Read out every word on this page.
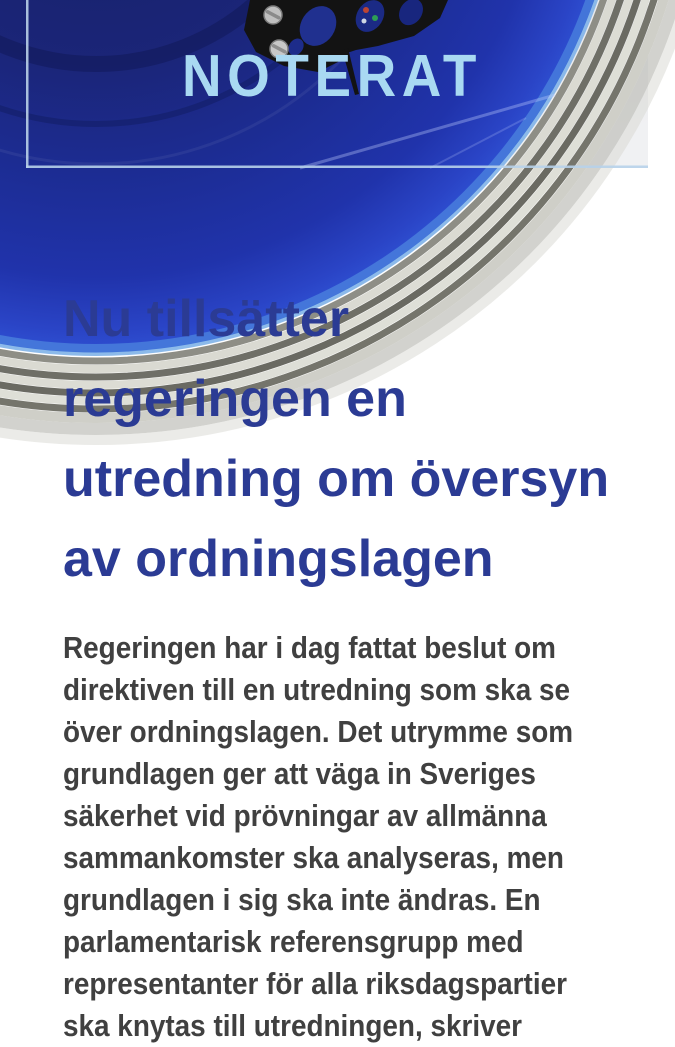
NOTERAT
Nu tillsätter
regeringen en
utredning om översyn
av ordningslagen
Regeringen har i dag fattat beslut om
direktiven till en utredning som ska se
över ordningslagen. Det utrymme som
grundlagen ger att väga in Sveriges
säkerhet vid prövningar av allmänna
sammankomster ska analyseras, men
grundlagen i sig ska inte ändras. En
parlamentarisk referensgrupp med
representanter för alla riksdagspartier
ska knytas till utredningen, skriver
